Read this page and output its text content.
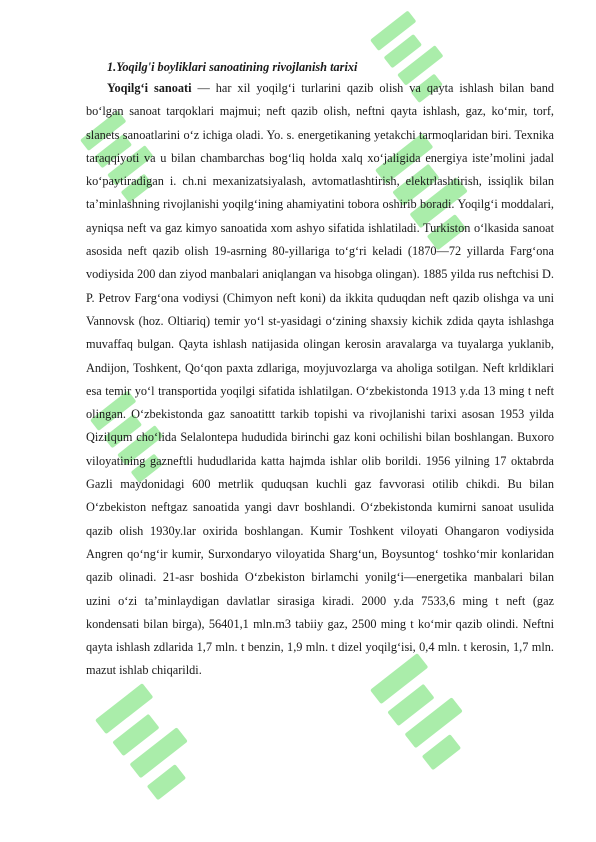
1.Yoqilg'i boyliklari sanoatining rivojlanish tarixi

Yoqilg‘i sanoati — har xil yoqilg‘i turlarini qazib olish va qayta ishlash bilan band bo‘lgan sanoat tarqoklari majmui; neft qazib olish, neftni qayta ishlash, gaz, ko‘mir, torf, slanets sanoatlarini o‘z ichiga oladi. Yo. s. energetikaning yetakchi tarmoqlaridan biri. Texnika taraqqiyoti va u bilan chambarchas bog‘liq holda xalq xo‘jaligida energiya iste’molini jadal ko‘paytiradigan i. ch.ni mexanizatsiyalash, avtomatlashtirish, elektrlashtirish, issiqlik bilan ta’minlashning rivojlanishi yoqilg‘ining ahamiyatini tobora oshirib boradi. Yoqilg‘i moddalari, ayniqsa neft va gaz kimyo sanoatida xom ashyo sifatida ishlatiladi. Turkiston o‘lkasida sanoat asosida neft qazib olish 19-asrning 80-yillariga to‘g‘ri keladi (1870—72 yillarda Farg‘ona vodiysida 200 dan ziyod manbalari aniqlangan va hisobga olingan). 1885 yilda rus neftchisi D. P. Petrov Farg‘ona vodiysi (Chimyon neft koni) da ikkita quduqdan neft qazib olishga va uni Vannovsk (hoz. Oltiariq) temir yo‘l st-yasidagi o‘zining shaxsiy kichik zdida qayta ishlashga muvaffaq bulgan. Qayta ishlash natijasida olingan kerosin aravalarga va tuyalarga yuklanib, Andijon, Toshkent, Qo‘qon paxta zdlariga, moyjuvozlarga va aholiga sotilgan. Neft krldiklari esa temir yo‘l transportida yoqilgi sifatida ishlatilgan. O‘zbekistonda 1913 y.da 13 ming t neft olingan. O‘zbekistonda gaz sanoatittt tarkib topishi va rivojlanishi tarixi asosan 1953 yilda Qizilqum cho‘lida Selalontepa hududida birinchi gaz koni ochilishi bilan boshlangan. Buxoro viloyatining gazneftli hududlarida katta hajmda ishlar olib borildi. 1956 yilning 17 oktabrda Gazli maydonidagi 600 metrlik quduqsan kuchli gaz favvorasi otilib chikdi. Bu bilan O‘zbekiston neftgaz sanoatida yangi davr boshlandi. O‘zbekistonda kumirni sanoat usulida qazib olish 1930y.lar oxirida boshlangan. Kumir Toshkent viloyati Ohangaron vodiysida Angren qo‘ng‘ir kumir, Surxondaryo viloyatida Sharg‘un, Boysuntog‘ toshko‘mir konlaridan qazib olinadi. 21-asr boshida O‘zbekiston birlamchi yonilg‘i—energetika manbalari bilan uzini o‘zi ta’minlaydigan davlatlar sirasiga kiradi. 2000 y.da 7533,6 ming t neft (gaz kondensati bilan birga), 56401,1 mln.m3 tabiiy gaz, 2500 ming t ko‘mir qazib olindi. Neftni qayta ishlash zdlarida 1,7 mln. t benzin, 1,9 mln. t dizel yoqilg‘isi, 0,4 mln. t kerosin, 1,7 mln. mazut ishlab chiqarildi.
